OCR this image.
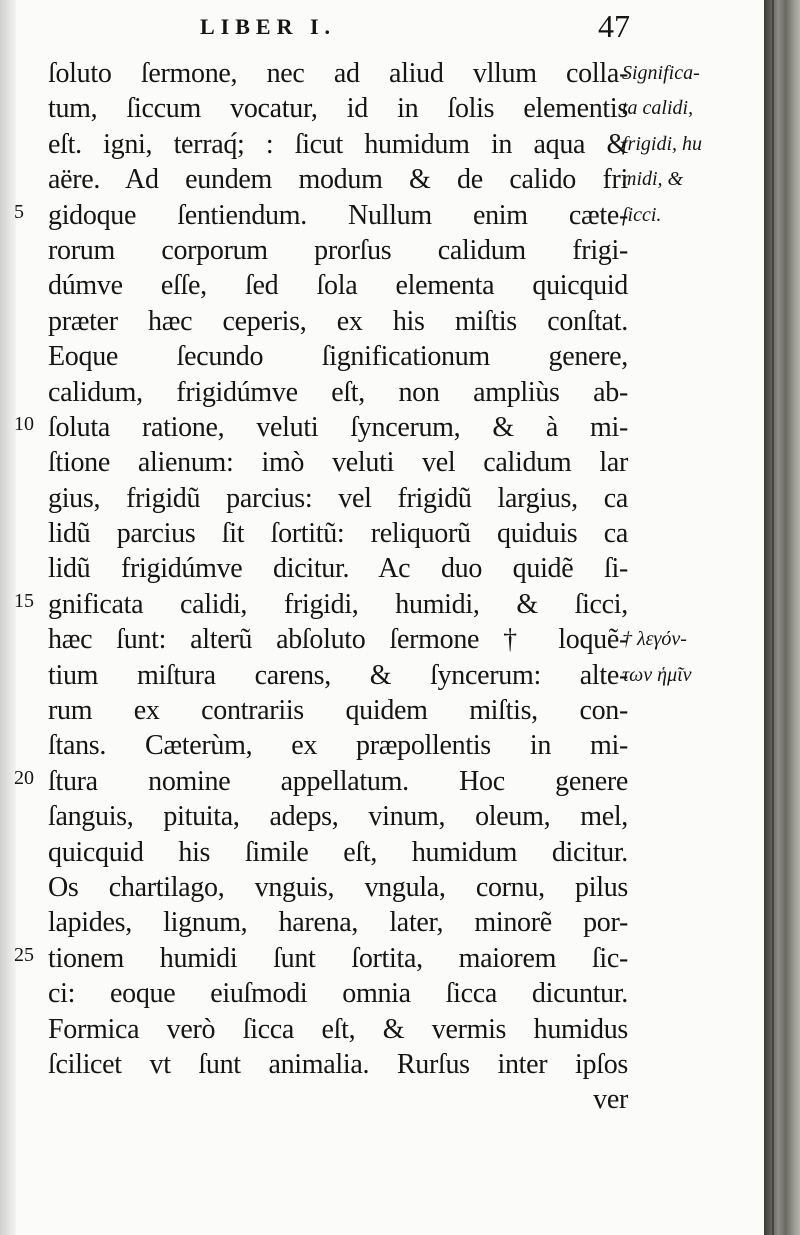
LIBER I.	47
ſoluto ſermone, nec ad aliud vllum colla-
tum, ſiccum vocatur, id in ſolis elementis
eſt. igni, terraq́; : ſicut humidum in aqua &
aëre. Ad eundem modum & de calido fri
gidoque ſentiendum. Nullum enim cæte-
rorum corporum prorſus calidum frigi-
dúmve eſſe, ſed ſola elementa quicquid
præter hæc ceperis, ex his miſtis conſtat.
Eoque ſecundo ſignificationum genere,
calidum, frigidúmve eſt, non ampliùs ab-
ſoluta ratione, veluti ſyncerum, & à mi-
ſtione alienum: imò veluti vel calidum lar
gius, frigidũ parcius: vel frigidũ largius, ca
lidũ parcius ſit ſortitũ: reliquorũ quiduis ca
lidũ frigidúmve dicitur. Ac duo quidẽ ſi-
gnificata calidi, frigidi, humidi, & ſicci,
hæc ſunt: alterũ abſoluto ſermone † loquẽ-
tium miſtura carens, & ſyncerum: alte-
rum ex contrariis quidem miſtis, con-
ſtans. Cæterùm, ex præpollentis in mi-
ſtura nomine appellatum. Hoc genere
ſanguis, pituita, adeps, vinum, oleum, mel,
quicquid his ſimile eſt, humidum dicitur.
Os chartilago, vnguis, vngula, cornu, pilus
lapides, lignum, harena, later, minorẽ por-
tionem humidi ſunt ſortita, maiorem ſic-
ci: eoque eiuſmodi omnia ſicca dicuntur.
Formica verò ſicca eſt, & vermis humidus
ſcilicet vt ſunt animalia. Rurſus inter ipſos
ver
5
10
15
20
25
Significa-
ta calidi,
frigidi, hu
midi, &
ſicci.
† λεγόν-
των ἡμῖν
